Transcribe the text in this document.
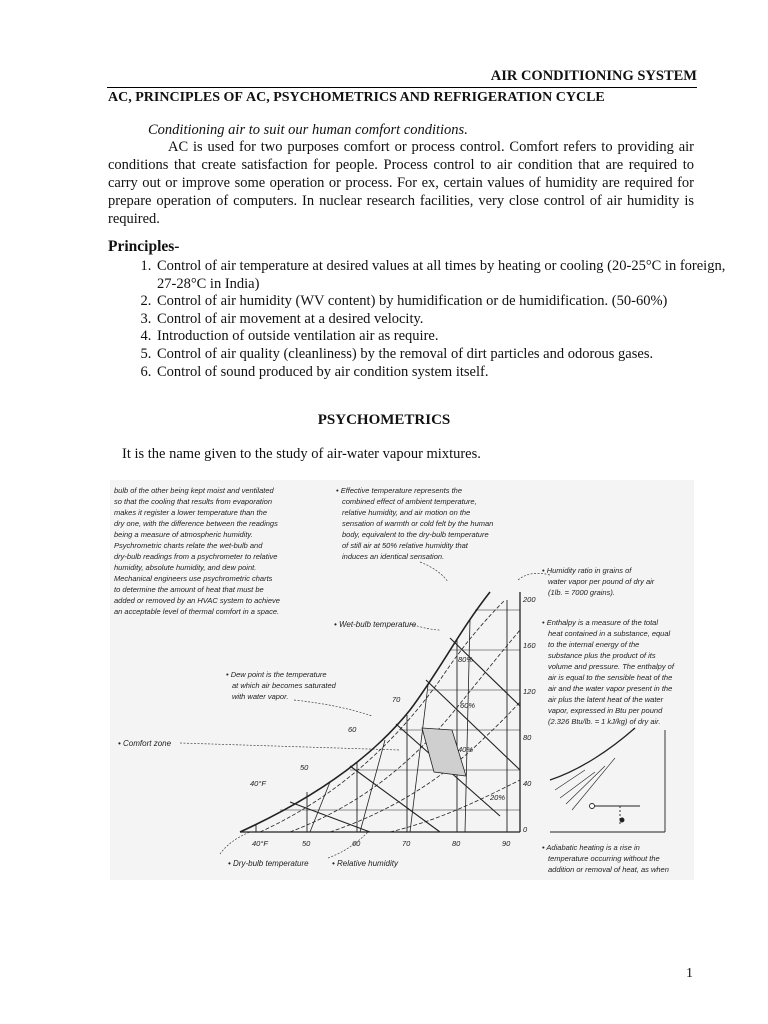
AIR CONDITIONING SYSTEM
AC, PRINCIPLES OF AC, PSYCHOMETRICS AND REFRIGERATION CYCLE
Conditioning air to suit our human comfort conditions.

AC is used for two purposes comfort or process control. Comfort refers to providing air conditions that create satisfaction for people. Process control to air condition that are required to carry out or improve some operation or process. For ex, certain values of humidity are required for prepare operation of computers. In nuclear research facilities, very close control of air humidity is required.

Principles-
1. Control of air temperature at desired values at all times by heating or cooling (20-25°C in foreign, 27-28°C in India)
2. Control of air humidity (WV content) by humidification or de humidification. (50-60%)
3. Control of air movement at a desired velocity.
4. Introduction of outside ventilation air as require.
5. Control of air quality (cleanliness) by the removal of dirt particles and odorous gases.
6. Control of sound produced by air condition system itself.
PSYCHOMETRICS
It is the name given to the study of air-water vapour mixtures.
bulb of the other being kept moist and ventilated
so that the cooling that results from evaporation
makes it register a lower temperature than the
dry one, with the difference between the readings
being a measure of atmospheric humidity.
Psychrometric charts relate the wet-bulb and
dry-bulb readings from a psychrometer to relative
humidity, absolute humidity, and dew point.
Mechanical engineers use psychrometric charts
to determine the amount of heat that must be
added or removed by an HVAC system to achieve
an acceptable level of thermal comfort in a space.
• Effective temperature represents the
combined effect of ambient temperature,
relative humidity, and air motion on the
sensation of warmth or cold felt by the human
body, equivalent to the dry-bulb temperature
of still air at 50% relative humidity that
induces an identical sensation.
• Humidity ratio in grains of
water vapor per pound of dry air
(1lb. = 7000 grains).
• Enthalpy is a measure of the total
heat contained in a substance, equal
to the internal energy of the
substance plus the product of its
volume and pressure. The enthalpy of
air is equal to the sensible heat of the
air and the water vapor present in the
air plus the latent heat of the water
vapor, expressed in Btu per pound
(2.326 Btu/lb. = 1 kJ/kg) of dry air.
• Wet-bulb temperature
• Dew point is the temperature
at which air becomes saturated
with water vapor.
• Comfort zone
• Dry-bulb temperature	• Relative humidity
• Adiabatic heating is a rise in
temperature occurring without the
addition or removal of heat, as when
40°F	50	60	70	80	90
200
160
120
80
40
0
40°F
50
60
70
80%
60%
40%
20%
1
